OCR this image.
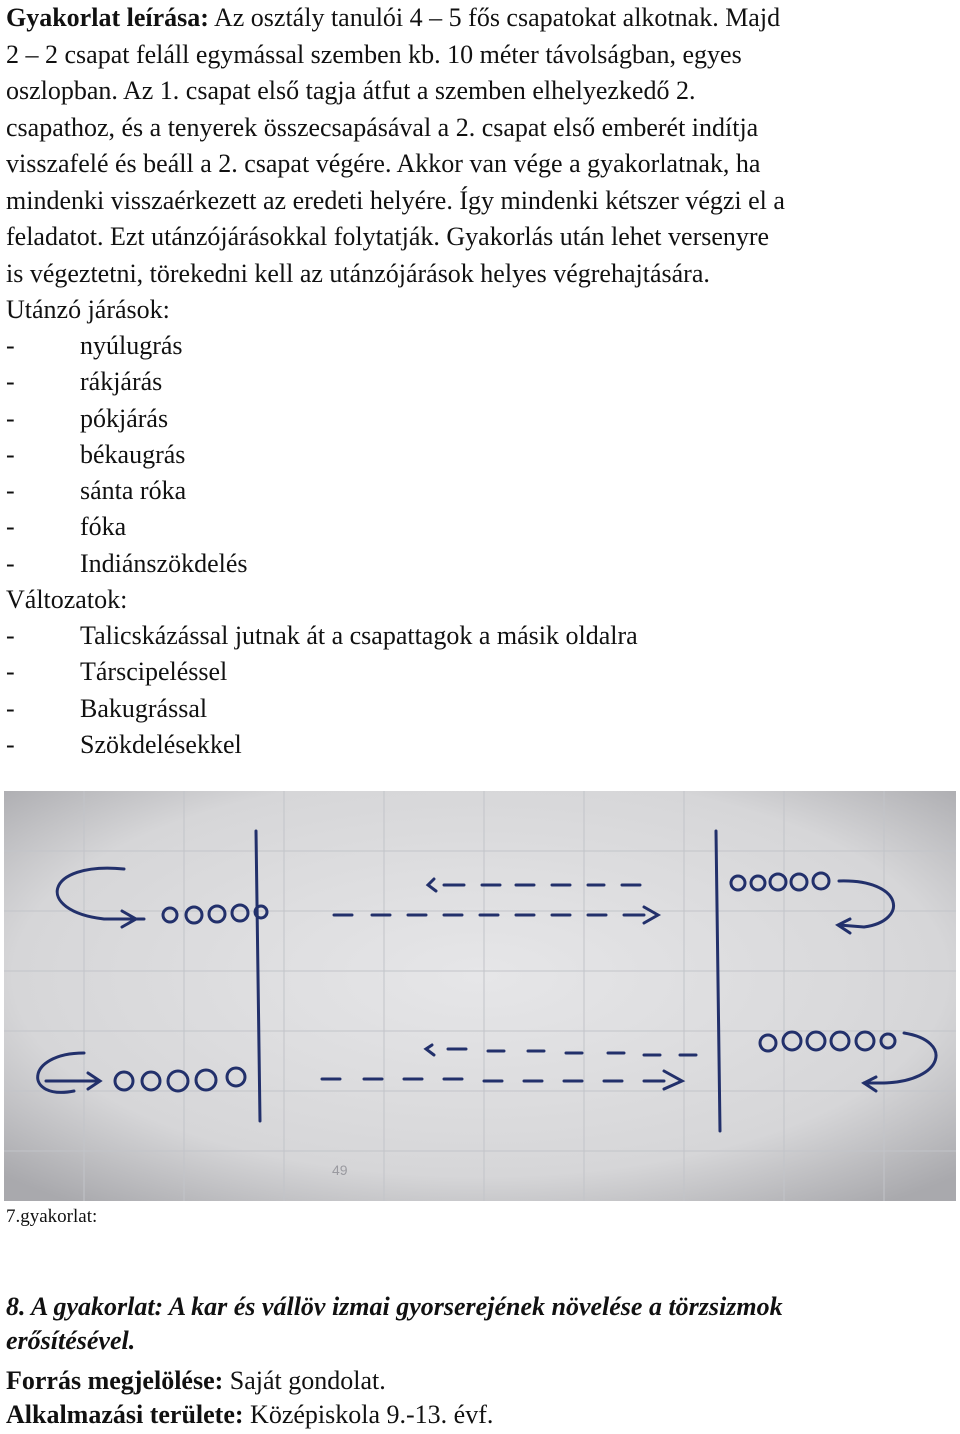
Gyakorlat leírása: Az osztály tanulói 4 – 5 fős csapatokat alkotnak. Majd
2 – 2 csapat feláll egymással szemben kb. 10 méter távolságban, egyes
oszlopban. Az 1. csapat első tagja átfut a szemben elhelyezkedő 2.
csapathoz, és a tenyerek összecsapásával a 2. csapat első emberét indítja
visszafelé és beáll a 2. csapat végére. Akkor van vége a gyakorlatnak, ha
mindenki visszaérkezett az eredeti helyére. Így mindenki kétszer végzi el a
feladatot. Ezt utánzójárásokkal folytatják. Gyakorlás után lehet versenyre
is végeztetni, törekedni kell az utánzójárások helyes végrehajtására.

Utánzó járások:

-	nyúlugrás
-	rákjárás
-	pókjárás
-	békaugrás
-	sánta róka
-	fóka
-	Indiánszökdelés

Változatok:

-	Talicskázással jutnak át a csapattagok a másik oldalra
-	Társcipeléssel
-	Bakugrással
-	Szökdelésekkel
49
7.gyakorlat:

8. A gyakorlat: A kar és vállöv izmai gyorserejének növelése a törzsizmok
erősítésével.

Forrás megjelölése: Saját gondolat.

Alkalmazási területe: Középiskola 9.-13. évf.
